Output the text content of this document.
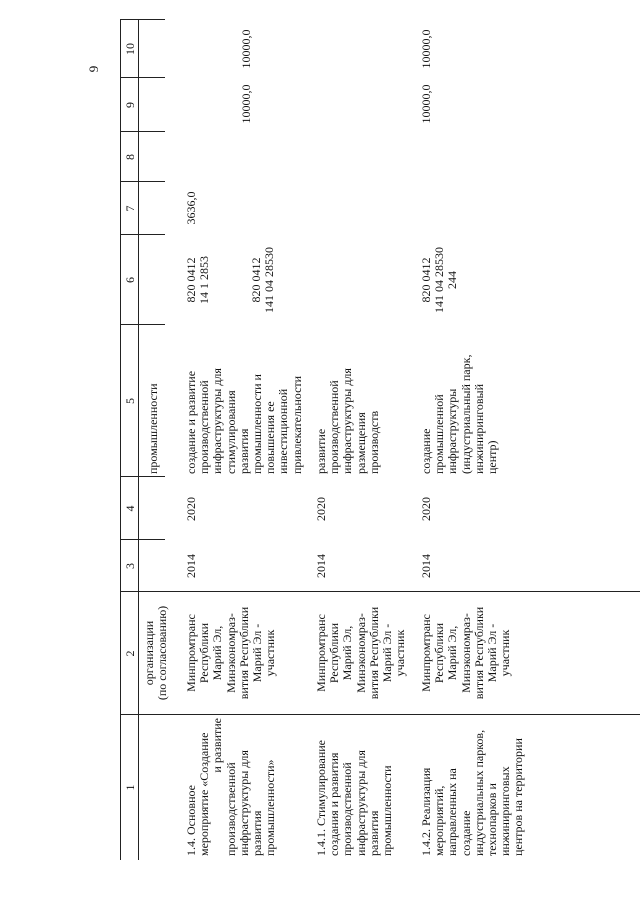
9
1
2
3
4
5
6
7
8
9
10
организации (по согласованию)
промышленности
1.4. Основное мероприятие «Создание и развитие
производственной инфраструктуры для развития промышленности»
Минпромтранс Республики Марий Эл, Минэкономраз- вития Республики Марий Эл - участник
2014
2020
создание и развитие производственной инфраструктуры для стимулирования развития промышленности и повышения ее инвестиционной привлекательности
820 0412 14 1 2853	820 0412 141 04 28530
3636,0
10000,0
10000,0
1.4.1. Стимулирование создания и развития производственной инфраструктуры для развития промышленности
Минпромтранс Республики Марий Эл, Минэкономраз- вития Республики Марий Эл - участник
2014
2020
развитие производственной инфраструктуры для размещения производств
1.4.2. Реализация мероприятий, направленных на создание индустриальных парков, технопарков и инжиниринговых центров на территории
Минпромтранс Республики Марий Эл, Минэкономраз- вития Республики Марий Эл - участник
2014
2020
создание промышленной инфраструктуры (индустриальный парк, инжиниринговый центр)
820 0412 141 04 28530 244
10000,0
10000,0
